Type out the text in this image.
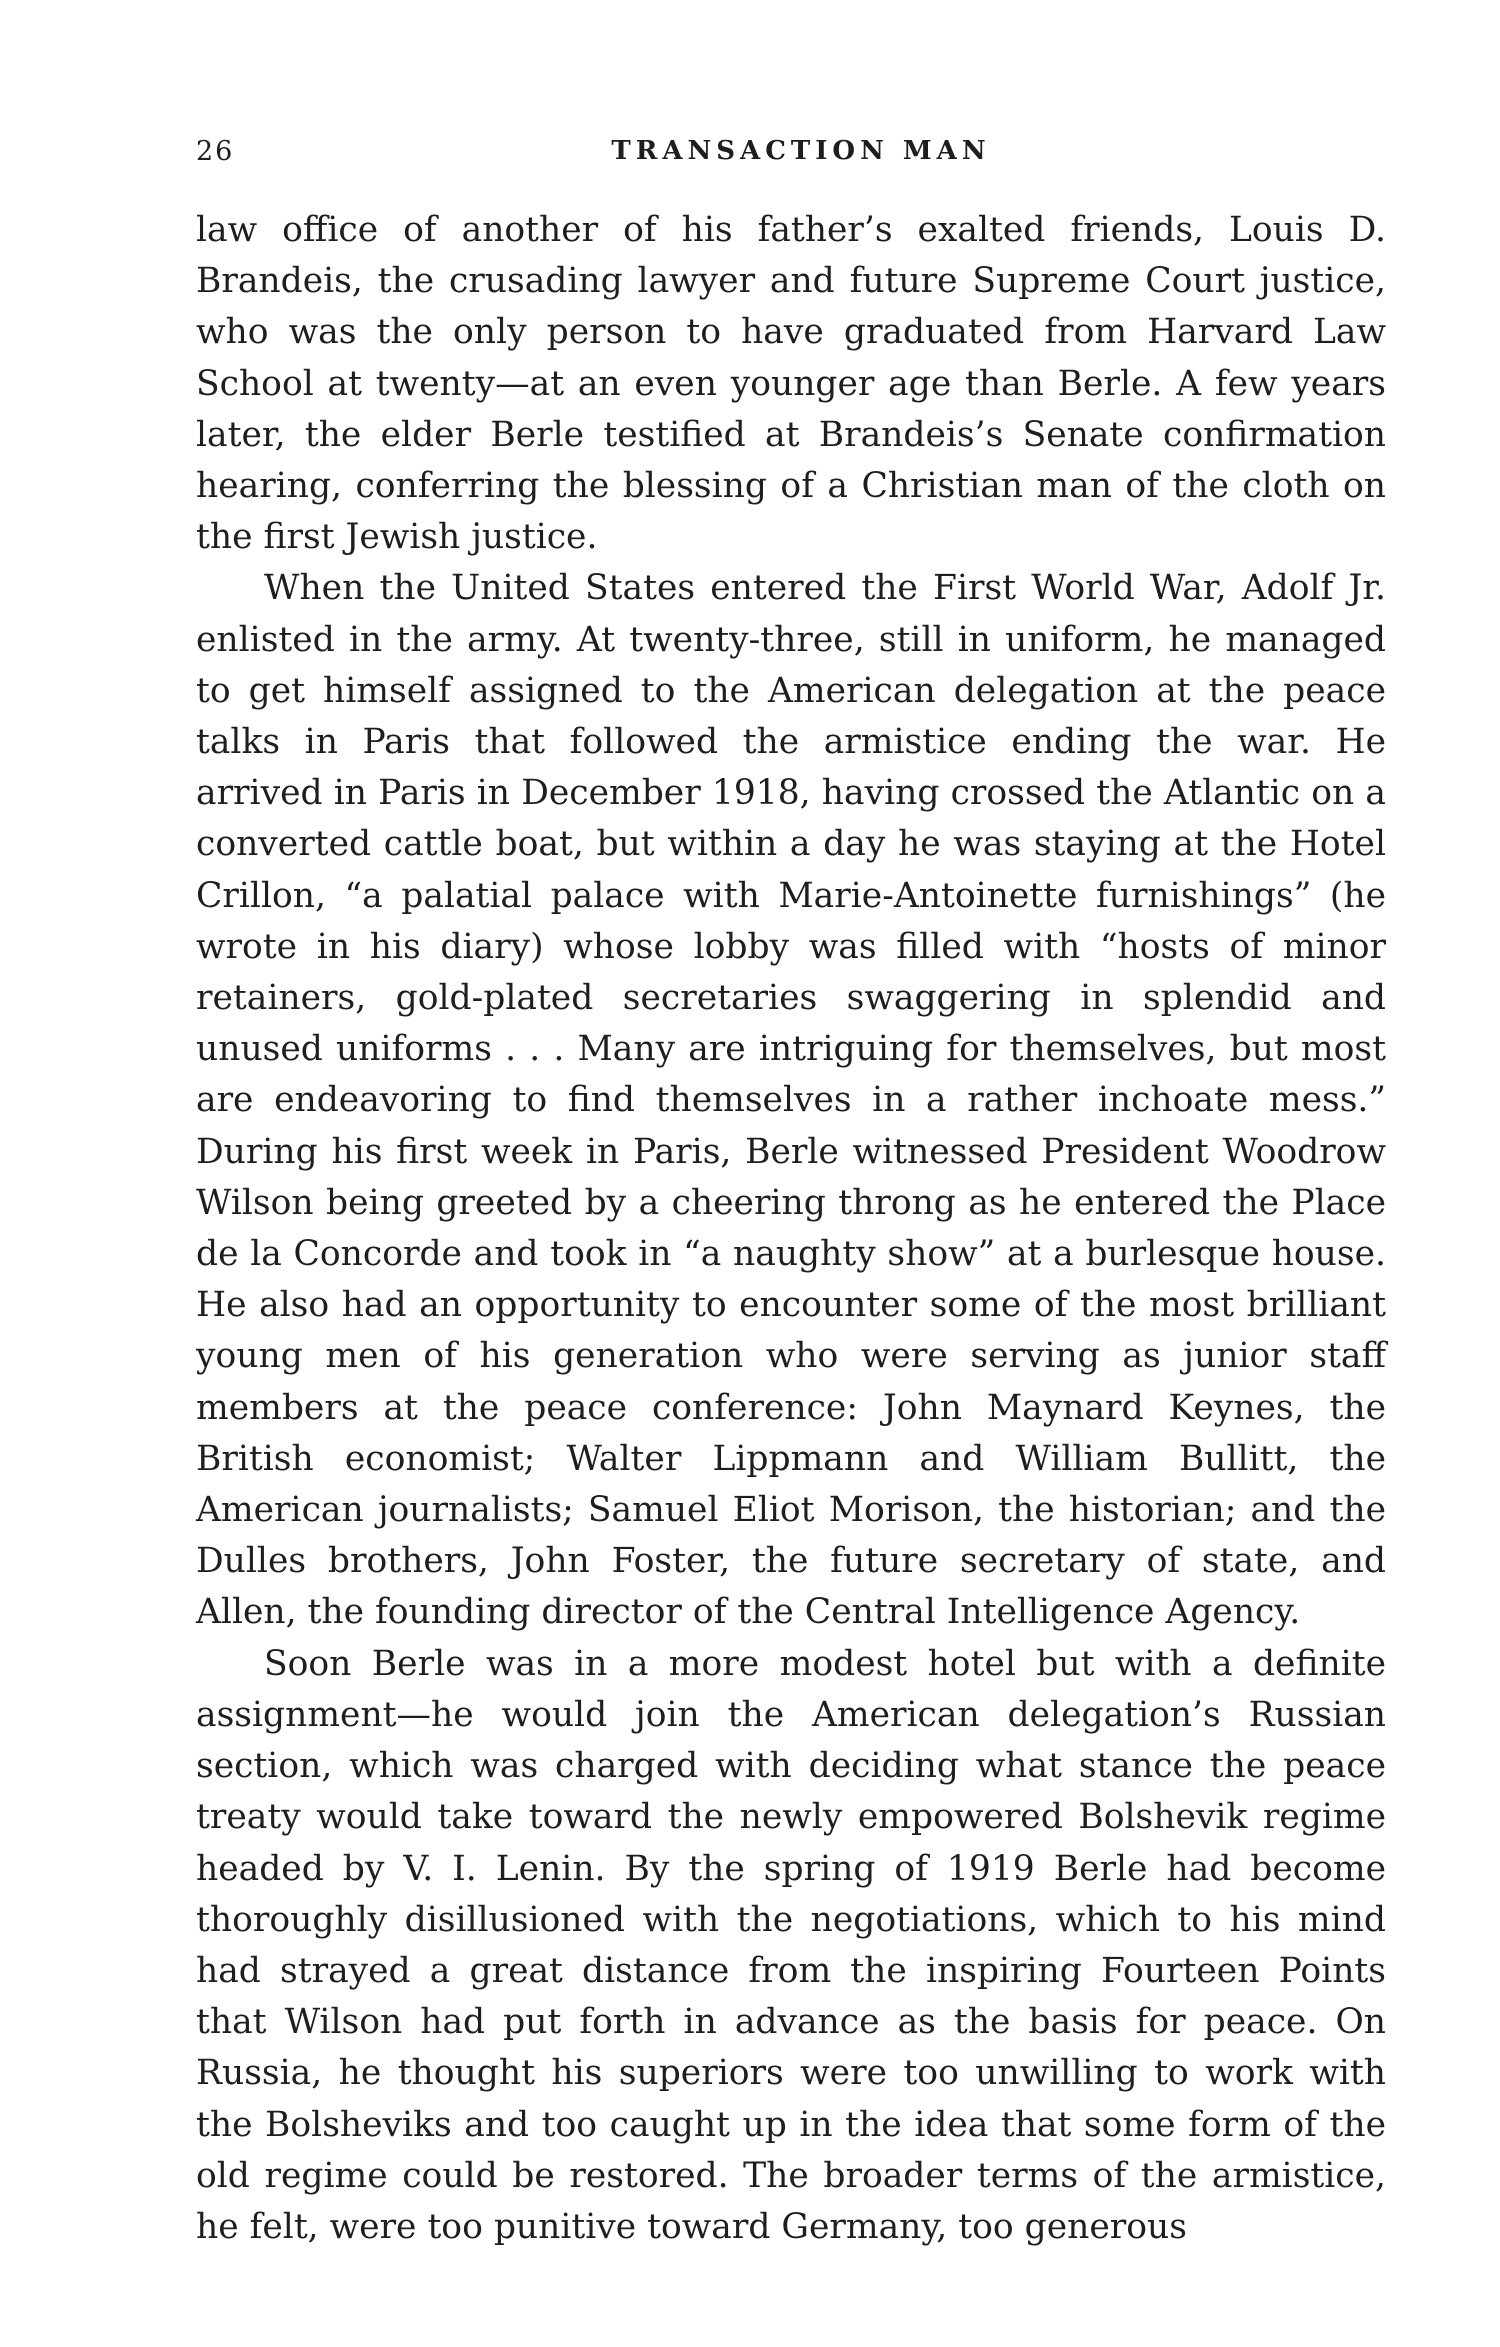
26	TRANSACTION MAN

law office of another of his father’s exalted friends, Louis D. Brandeis, the crusading lawyer and future Supreme Court justice, who was the only person to have graduated from Harvard Law School at twenty—at an even younger age than Berle. A few years later, the elder Berle testified at Brandeis’s Senate confirmation hearing, conferring the blessing of a Christian man of the cloth on the first Jewish justice.

When the United States entered the First World War, Adolf Jr. enlisted in the army. At twenty-three, still in uniform, he managed to get himself assigned to the American delegation at the peace talks in Paris that followed the armistice ending the war. He arrived in Paris in December 1918, having crossed the Atlantic on a converted cattle boat, but within a day he was staying at the Hotel Crillon, “a palatial palace with Marie-Antoinette furnishings” (he wrote in his diary) whose lobby was filled with “hosts of minor retainers, gold-plated secretaries swaggering in splendid and unused uniforms . . . Many are intriguing for themselves, but most are endeavoring to find themselves in a rather inchoate mess.” During his first week in Paris, Berle witnessed President Woodrow Wilson being greeted by a cheering throng as he entered the Place de la Concorde and took in “a naughty show” at a burlesque house. He also had an opportunity to encounter some of the most brilliant young men of his generation who were serving as junior staff members at the peace conference: John Maynard Keynes, the British economist; Walter Lippmann and William Bullitt, the American journalists; Samuel Eliot Morison, the historian; and the Dulles brothers, John Foster, the future secretary of state, and Allen, the founding director of the Central Intelligence Agency.

Soon Berle was in a more modest hotel but with a definite assignment—he would join the American delegation’s Russian section, which was charged with deciding what stance the peace treaty would take toward the newly empowered Bolshevik regime headed by V. I. Lenin. By the spring of 1919 Berle had become thoroughly disillusioned with the negotiations, which to his mind had strayed a great distance from the inspiring Fourteen Points that Wilson had put forth in advance as the basis for peace. On Russia, he thought his superiors were too unwilling to work with the Bolsheviks and too caught up in the idea that some form of the old regime could be restored. The broader terms of the armistice, he felt, were too punitive toward Germany, too generous
